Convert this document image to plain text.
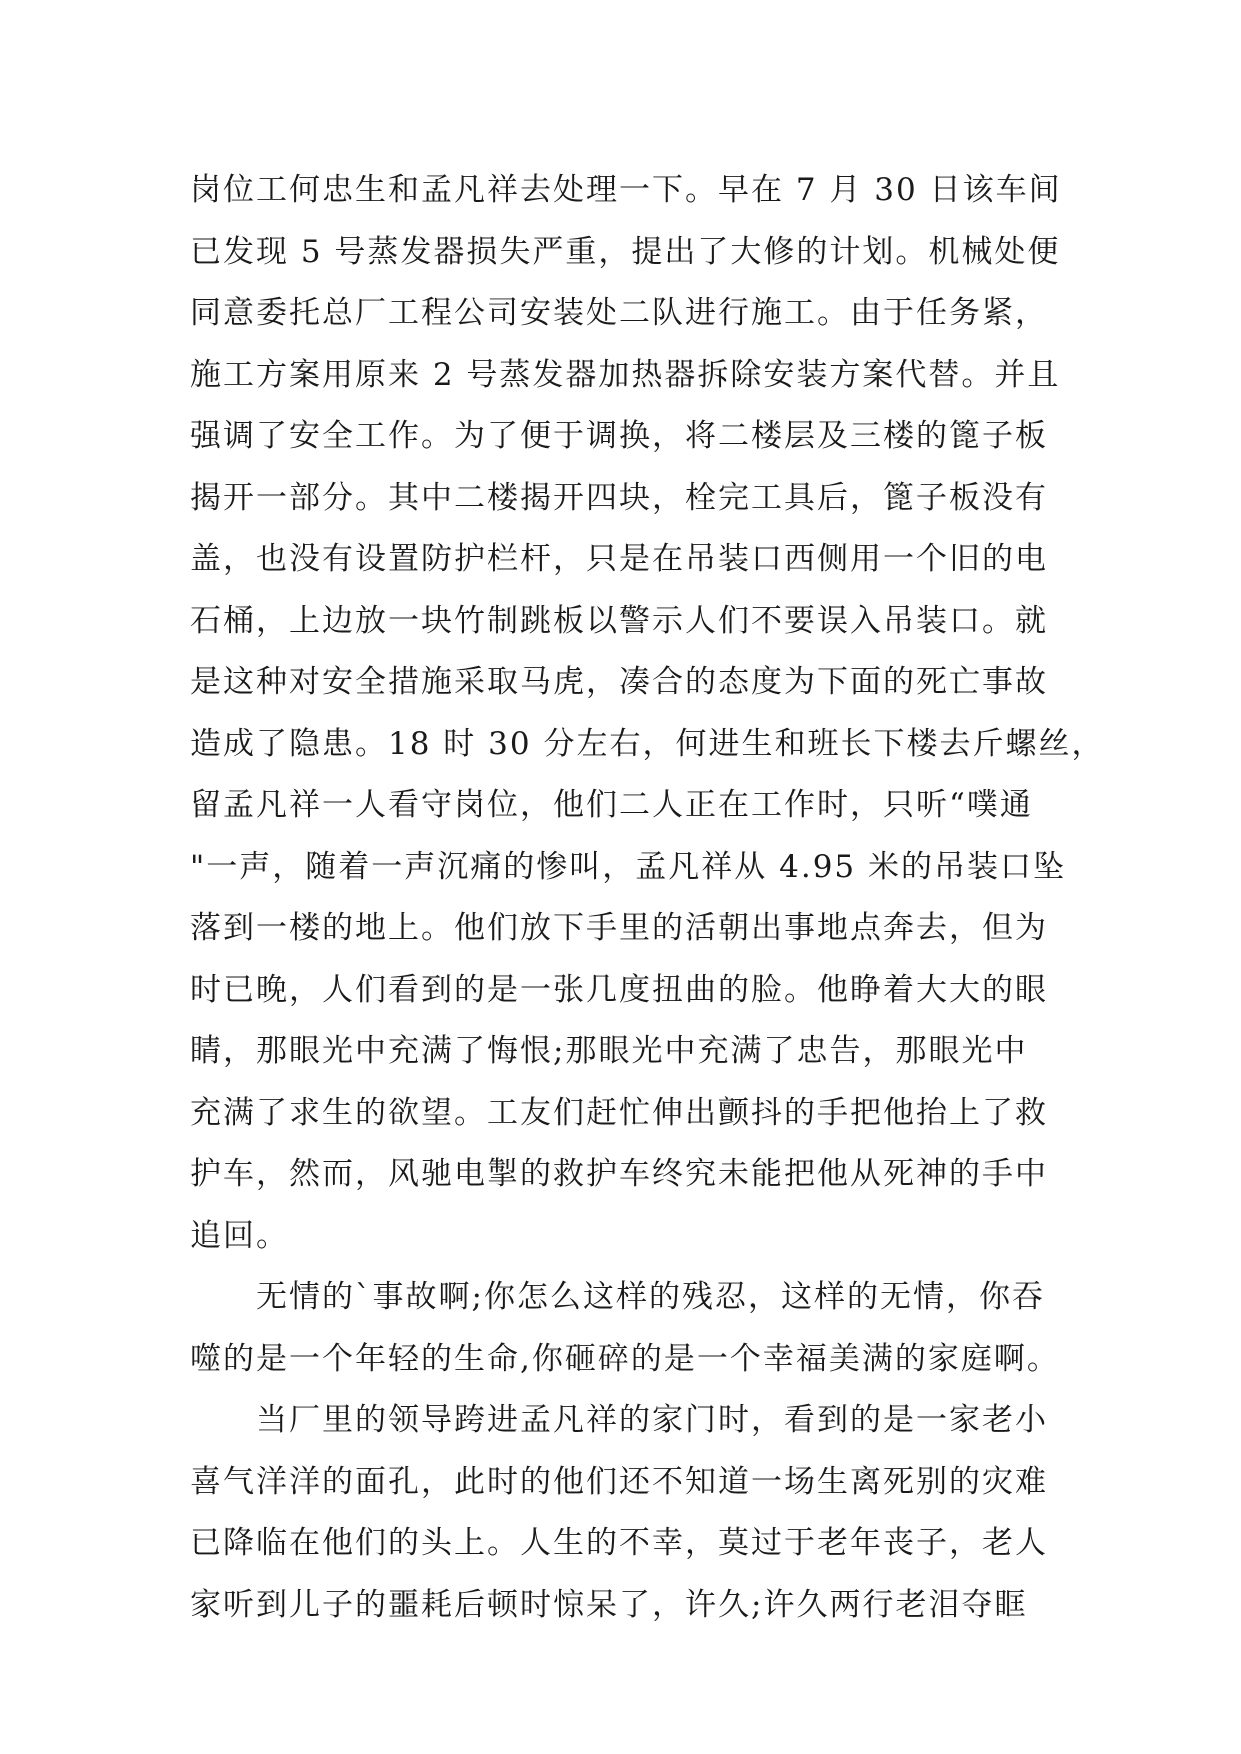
岗位工何忠生和孟凡祥去处理一下。早在 7 月 30 日该车间
已发现 5 号蒸发器损失严重，提出了大修的计划。机械处便
同意委托总厂工程公司安装处二队进行施工。由于任务紧，
施工方案用原来 2 号蒸发器加热器拆除安装方案代替。并且
强调了安全工作。为了便于调换，将二楼层及三楼的篦子板
揭开一部分。其中二楼揭开四块，栓完工具后，篦子板没有
盖，也没有设置防护栏杆，只是在吊装口西侧用一个旧的电
石桶，上边放一块竹制跳板以警示人们不要误入吊装口。就
是这种对安全措施采取马虎，凑合的态度为下面的死亡事故
造成了隐患。18 时 30 分左右，何进生和班长下楼去斤螺丝，
留孟凡祥一人看守岗位，他们二人正在工作时，只听“噗通
"一声，随着一声沉痛的惨叫，孟凡祥从 4.95 米的吊装口坠
落到一楼的地上。他们放下手里的活朝出事地点奔去，但为
时已晚，人们看到的是一张几度扭曲的脸。他睁着大大的眼
睛，那眼光中充满了悔恨;那眼光中充满了忠告，那眼光中
充满了求生的欲望。工友们赶忙伸出颤抖的手把他抬上了救
护车，然而，风驰电掣的救护车终究未能把他从死神的手中
追回。
无情的`事故啊;你怎么这样的残忍，这样的无情，你吞
噬的是一个年轻的生命,你砸碎的是一个幸福美满的家庭啊。
当厂里的领导跨进孟凡祥的家门时，看到的是一家老小
喜气洋洋的面孔，此时的他们还不知道一场生离死别的灾难
已降临在他们的头上。人生的不幸，莫过于老年丧子，老人
家听到儿子的噩耗后顿时惊呆了，许久;许久两行老泪夺眶
